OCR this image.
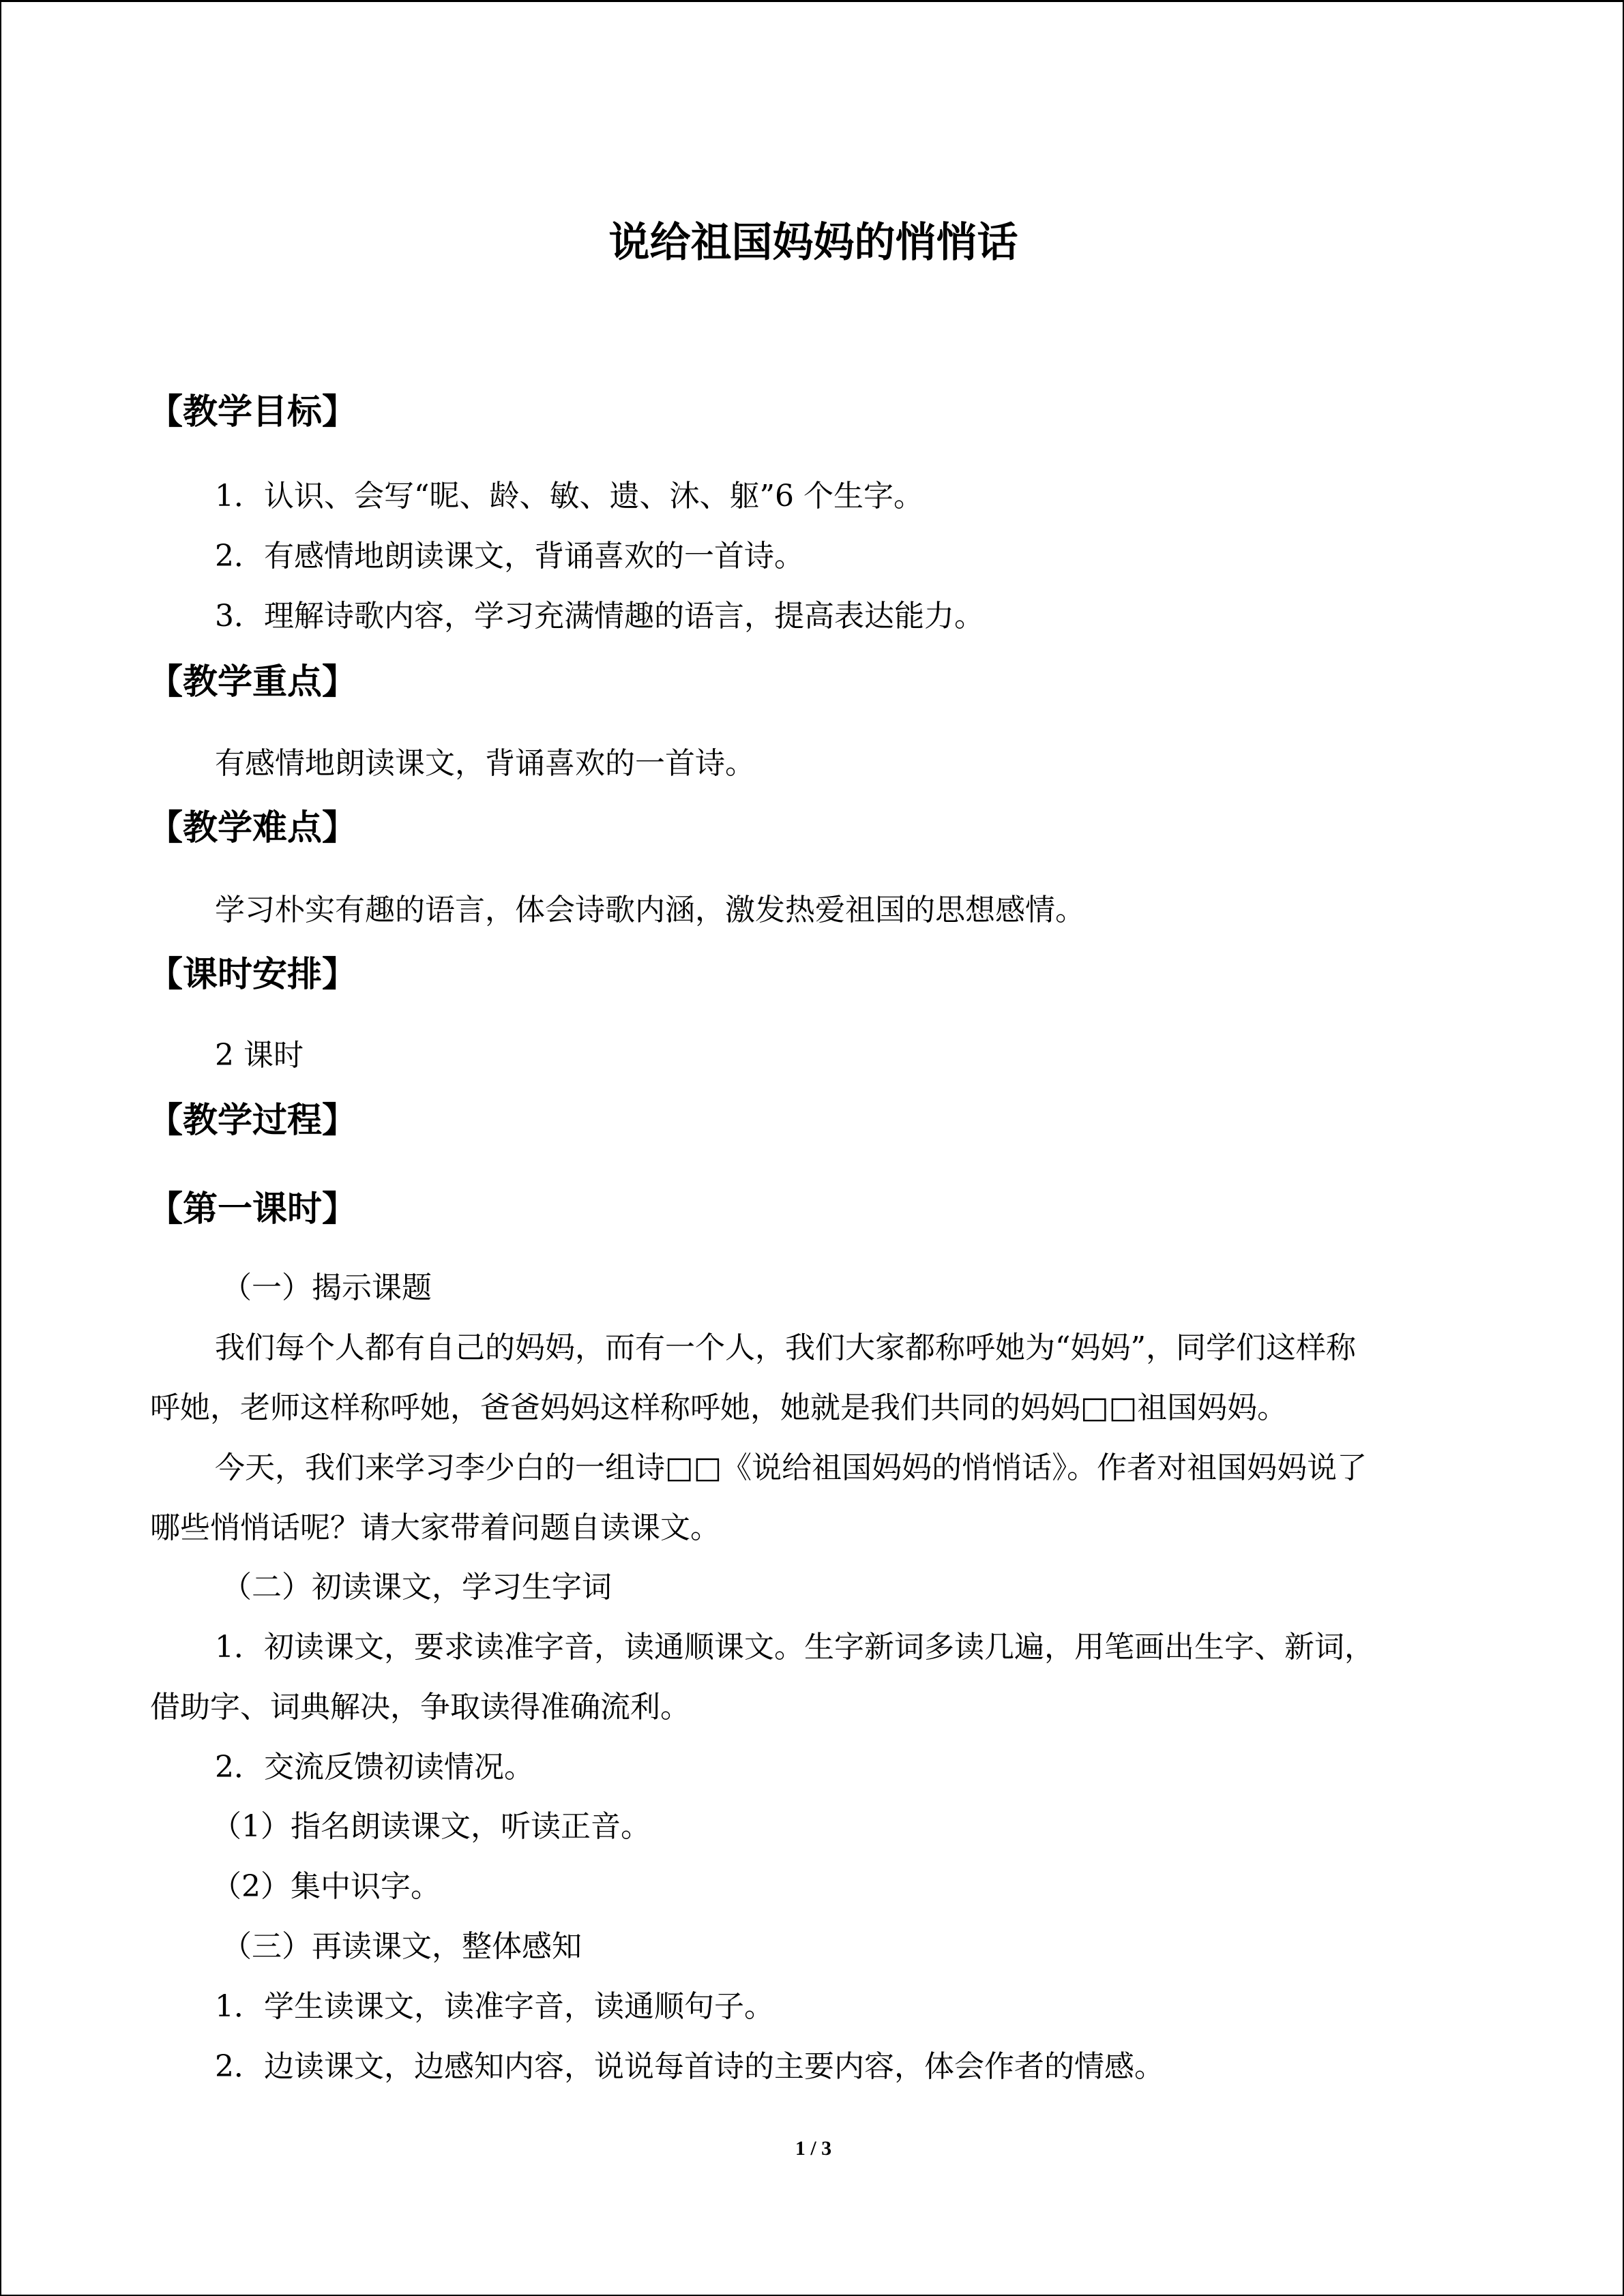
说给祖国妈妈的悄悄话
【教学目标】

1．认识、会写“昵、龄、敏、遗、沐、躯”6 个生字。

2．有感情地朗读课文，背诵喜欢的一首诗。

3．理解诗歌内容，学习充满情趣的语言，提高表达能力。

【教学重点】

有感情地朗读课文，背诵喜欢的一首诗。

【教学难点】

学习朴实有趣的语言，体会诗歌内涵，激发热爱祖国的思想感情。

【课时安排】

2 课时

【教学过程】
【第一课时】

（一）揭示课题

我们每个人都有自己的妈妈，而有一个人，我们大家都称呼她为“妈妈”，同学们这样称

呼她，老师这样称呼她，爸爸妈妈这样称呼她，她就是我们共同的妈妈□□祖国妈妈。

今天，我们来学习李少白的一组诗□□《说给祖国妈妈的悄悄话》。作者对祖国妈妈说了

哪些悄悄话呢？请大家带着问题自读课文。

（二）初读课文，学习生字词

1．初读课文，要求读准字音，读通顺课文。生字新词多读几遍，用笔画出生字、新词，

借助字、词典解决，争取读得准确流利。

2．交流反馈初读情况。

（1）指名朗读课文，听读正音。

（2）集中识字。

（三）再读课文，整体感知

1．学生读课文，读准字音，读通顺句子。

2．边读课文，边感知内容，说说每首诗的主要内容，体会作者的情感。

1 / 3
